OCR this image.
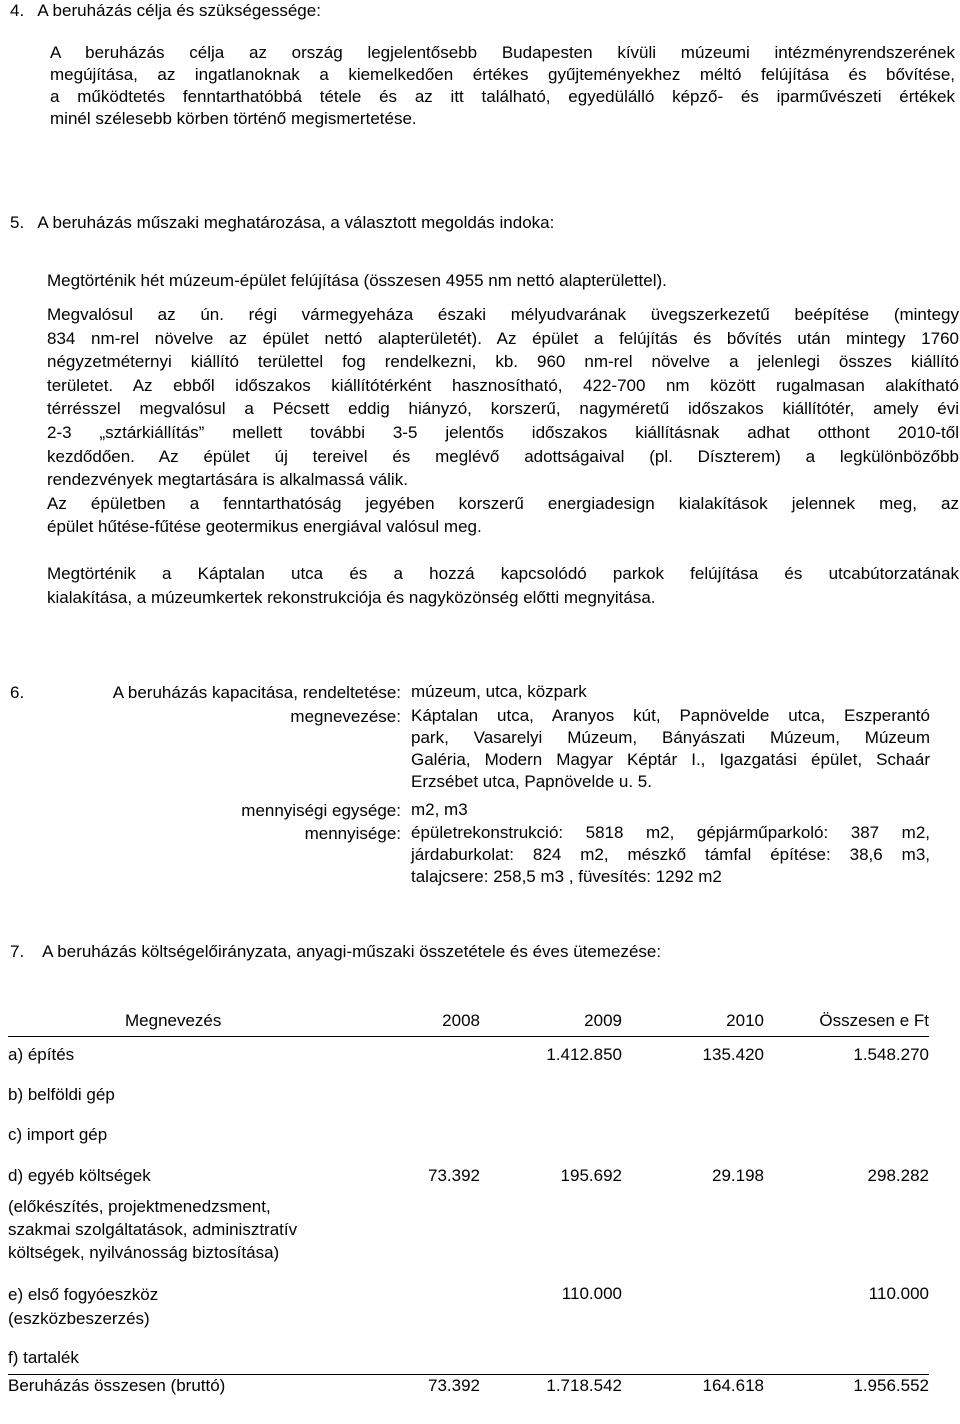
4. A beruházás célja és szükségessége:
A beruházás célja az ország legjelentősebb Budapesten kívüli múzeumi intézményrendszerének
megújítása, az ingatlanoknak a kiemelkedően értékes gyűjteményekhez méltó felújítása és bővítése,
a működtetés fenntarthatóbbá tétele és az itt található, egyedülálló képző- és iparművészeti értékek
minél szélesebb körben történő megismertetése.
5. A beruházás műszaki meghatározása, a választott megoldás indoka:
Megtörténik hét múzeum-épület felújítása (összesen 4955 nm nettó alapterülettel).
Megvalósul az ún. régi vármegyeháza északi mélyudvarának üvegszerkezetű beépítése (mintegy
834 nm-rel növelve az épület nettó alapterületét). Az épület a felújítás és bővítés után mintegy 1760
négyzetméternyi kiállító területtel fog rendelkezni, kb. 960 nm-rel növelve a jelenlegi összes kiállító
területet. Az ebből időszakos kiállítótérként hasznosítható, 422-700 nm között rugalmasan alakítható
térrésszel megvalósul a Pécsett eddig hiányzó, korszerű, nagyméretű időszakos kiállítótér, amely évi
2-3 „sztárkiállítás” mellett további 3-5 jelentős időszakos kiállításnak adhat otthont 2010-től
kezdődően. Az épület új tereivel és meglévő adottságaival (pl. Díszterem) a legkülönbözőbb
rendezvények megtartására is alkalmassá válik.
Az épületben a fenntarthatóság jegyében korszerű energiadesign kialakítások jelennek meg, az
épület hűtése-fűtése geotermikus energiával valósul meg.
Megtörténik a Káptalan utca és a hozzá kapcsolódó parkok felújítása és utcabútorzatának
kialakítása, a múzeumkertek rekonstrukciója és nagyközönség előtti megnyitása.
6.	A beruházás kapacitása, rendeltetése: múzeum, utca, közpark
megnevezése: Káptalan utca, Aranyos kút, Papnövelde utca, Eszperantó
park, Vasarelyi Múzeum, Bányászati Múzeum, Múzeum
Galéria, Modern Magyar Képtár I., Igazgatási épület, Schaár
Erzsébet utca, Papnövelde u. 5.
mennyiségi egysége: m2, m3
mennyisége: épületrekonstrukció: 5818 m2, gépjárműparkoló: 387 m2,
járdaburkolat: 824 m2, mészkő támfal építése: 38,6 m3,
talajcsere: 258,5 m3 , füvesítés: 1292 m2
7. A beruházás költségelőirányzata, anyagi-műszaki összetétele és éves ütemezése:
Megnevezés	2008	2009	2010	Összesen e Ft
a) építés		1.412.850	135.420	1.548.270
b) belföldi gép				
c) import gép				
d) egyéb költségek	73.392	195.692	29.198	298.282

(előkészítés, projektmenedzsment,
szakmai szolgáltatások, adminisztratív
költségek, nyilvánosság biztosítása)				

e) első fogyóeszköz
(eszközbeszerzés)		110.000		110.000
f) tartalék				
Beruházás összesen (bruttó)	73.392	1.718.542	164.618	1.956.552
